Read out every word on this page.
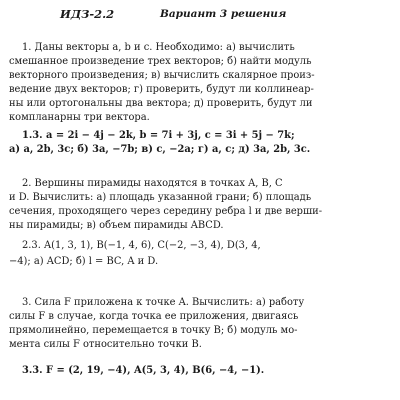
ИДЗ-2.2	Вариант 3 решения
1. Даны векторы a, b и c. Необходимо: а) вычислить
смешанное произведение трех векторов; б) найти модуль
векторного произведения; в) вычислить скалярное произ-
ведение двух векторов; г) проверить, будут ли коллинеар-
ны или ортогональны два вектора; д) проверить, будут ли
компланарны три вектора.
1.3. a = 2i − 4j − 2k, b = 7i + 3j, c = 3i + 5j − 7k;
а) a, 2b, 3c; б) 3a, −7b; в) c, −2a; г) a, c; д) 3a, 2b, 3c.
2. Вершины пирамиды находятся в точках A, B, C
и D. Вычислить: а) площадь указанной грани; б) площадь
сечения, проходящего через середину ребра l и две верши-
ны пирамиды; в) объем пирамиды ABCD.
2.3. A(1, 3, 1), B(−1, 4, 6), C(−2, −3, 4), D(3, 4,
−4); а) ACD; б) l = BC, A и D.
3. Сила F приложена к точке A. Вычислить: а) работу
силы F в случае, когда точка ее приложения, двигаясь
прямолинейно, перемещается в точку B; б) модуль мо-
мента силы F относительно точки B.
3.3. F = (2, 19, −4), A(5, 3, 4), B(6, −4, −1).
